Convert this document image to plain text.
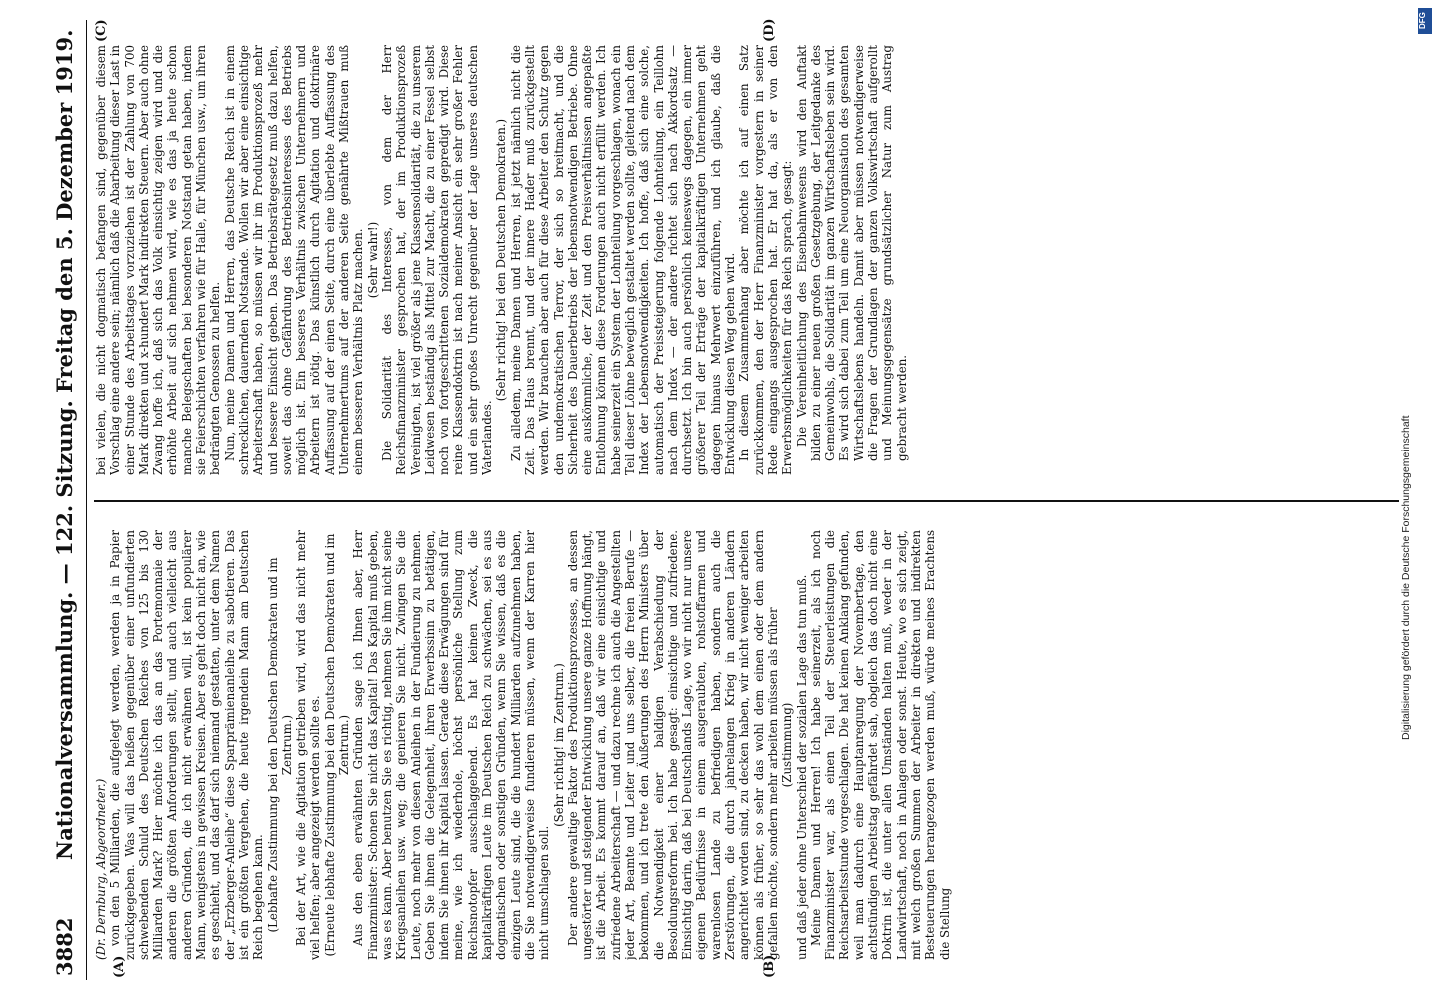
3882
Nationalversammlung. — 122. Sitzung. Freitag den 5. Dezember 1919.
(A)	(B)
(C)	(D)

(Dr. Dernburg, Abgeordneter.) von den 5 Milliarden, die aufgelegt werden, werden ja in Papier zurückgegeben. Was will das heißen gegenüber einer unfundierten schwebenden Schuld des Deutschen Reiches von 125 bis 130 Milliarden Mark? Hier möchte ich das an das Portemonnaie der anderen die größten Anforderungen stellt, und auch vielleicht aus anderen Gründen, die ich nicht erwähnen will, ist kein populärer Mann, wenigstens in gewissen Kreisen. Aber es geht doch nicht an, wie es geschieht, und das darf sich niemand gestatten, unter dem Namen der „Erzberger-Anleihe“ diese Sparprämienanleihe zu sabotieren. Das ist ein größten Vergehen, die heute irgendein Mann am Deutschen Reich begehen kann. (Lebhafte Zustimmung bei den Deutschen Demokraten und im Zentrum.) Bei der Art, wie die Agitation getrieben wird, wird das nicht mehr viel helfen; aber angezeigt werden sollte es. (Erneute lebhafte Zustimmung bei den Deutschen Demokraten und im Zentrum.) Aus den eben erwähnten Gründen sage ich Ihnen aber, Herr Finanzminister: Schonen Sie nicht das Kapital! Das Kapital muß geben, was es kann. Aber benutzen Sie es richtig, nehmen Sie ihm nicht seine Kriegsanleihen usw. weg; die genieren Sie nicht. Zwingen Sie die Leute, noch mehr von diesen Anleihen in der Fundierung zu nehmen. Geben Sie ihnen die Gelegenheit, ihren Erwerbssinn zu betätigen, indem Sie ihnen ihr Kapital lassen. Gerade diese Erwägungen sind für meine, wie ich wiederhole, höchst persönliche Stellung zum Reichsnotopfer ausschlaggebend. Es hat keinen Zweck, die kapitalkräftigen Leute im Deutschen Reich zu schwächen, sei es aus dogmatischen oder sonstigen Gründen, wenn Sie wissen, daß es die einzigen Leute sind, die die hundert Milliarden aufzunehmen haben, die Sie notwendigerweise fundieren müssen, wenn der Karren hier nicht umschlagen soll.

(Sehr richtig! im Zentrum.) Der andere gewaltige Faktor des Produktionsprozesses, an dessen ungestörter und steigender Entwicklung unsere ganze Hoffnung hängt, ist die Arbeit. Es kommt darauf an, daß wir eine einsichtige und zufriedene Arbeiterschaft — und dazu rechne ich auch die Angestellten jeder Art, Beamte und Leiter und uns selber, die freien Berufe — bekommen, und ich trete den Äußerungen des Herrn Ministers über die Notwendigkeit einer baldigen Verabschiedung der Besoldungsreform bei. Ich habe gesagt: einsichtige und zufriedene. Einsichtig darin, daß bei Deutschlands Lage, wo wir nicht nur unsere eigenen Bedürfnisse in einem ausgeraubten, rohstoffarmen und warenlosen Lande zu befriedigen haben, sondern auch die Zerstörungen, die durch jahrelangen Krieg in anderen Ländern angerichtet worden sind, zu decken haben, wir nicht weniger arbeiten können als früher, so sehr das wohl dem einen oder dem andern gefallen möchte, sondern mehr arbeiten müssen als früher (Zustimmung) und daß jeder ohne Unterschied der sozialen Lage das tun muß. Meine Damen und Herren! Ich habe seinerzeit, als ich noch Finanzminister war, als einen Teil der Steuerleistungen die Reichsarbeitsstunde vorgeschlagen. Die hat keinen Anklang gefunden, weil man dadurch eine Hauptanregung der Novembertage, den achtstündigen Arbeitstag gefährdet sah, obgleich das doch nicht eine Doktrin ist, die unter allen Umständen halten muß, weder in der Landwirtschaft, noch in Anlagen oder sonst. Heute, wo es sich zeigt, mit welch großen Summen der Arbeiter in direkten und indirekten Besteuerungen herangezogen werden muß, würde meines Erachtens die Stellung

bei vielen, die nicht dogmatisch befangen sind, gegenüber diesem Vorschlag eine andere sein; nämlich daß die Abarbeitung dieser Last in einer Stunde des Arbeitstages vorzuziehen ist der Zahlung von 700 Mark direkten und x-hundert Mark indirekten Steuern. Aber auch ohne Zwang hoffe ich, daß sich das Volk einsichtig zeigen wird und die erhöhte Arbeit auf sich nehmen wird, wie es das ja heute schon manche Belegschaften bei besonderen Notstand getan haben, indem sie Feierschichten verfahren wie für Halle, für München usw., um ihren bedrängten Genossen zu helfen. Nun, meine Damen und Herren, das Deutsche Reich ist in einem schrecklichen, dauernden Notstande. Wollen wir aber eine einsichtige Arbeiterschaft haben, so müssen wir ihr im Produktionsprozeß mehr und bessere Einsicht geben. Das Betriebsrätegesetz muß dazu helfen, soweit das ohne Gefährdung des Betriebsinteresses des Betriebs möglich ist. Ein besseres Verhältnis zwischen Unternehmern und Arbeitern ist nötig. Das künstlich durch Agitation und doktrinäre Auffassung auf der einen Seite, durch eine überlebte Auffassung des Unternehmertums auf der anderen Seite genährte Mißtrauen muß einem besseren Verhältnis Platz machen. (Sehr wahr!) Die Solidarität des Interesses, von dem der Herr Reichsfinanzminister gesprochen hat, der im Produktionsprozeß Vereinigten, ist viel größer als jene Klassensolidarität, die zu unserem Leidwesen beständig als Mittel zur Macht, die zu einer Fessel selbst noch von fortgeschrittenen Sozialdemokraten gepredigt wird. Diese reine Klassendoktrin ist nach meiner Ansicht ein sehr großer Fehler und ein sehr großes Unrecht gegenüber der Lage unseres deutschen Vaterlandes.

(Sehr richtig! bei den Deutschen Demokraten.) Zu alledem, meine Damen und Herren, ist jetzt nämlich nicht die Zeit. Das Haus brennt, und der innere Hader muß zurückgestellt werden. Wir brauchen aber auch für diese Arbeiter den Schutz gegen den undemokratischen Terror, der sich so breitmacht, und die Sicherheit des Dauerbetriebs der lebensnotwendigen Betriebe. Ohne eine auskömmliche, der Zeit und den Preisverhältnissen angepaßte Entlohnung können diese Forderungen auch nicht erfüllt werden. Ich habe seinerzeit ein System der Lohnteilung vorgeschlagen, wonach ein Teil dieser Löhne beweglich gestaltet werden sollte, gleitend nach dem Index der Lebensnotwendigkeiten. Ich hoffe, daß sich eine solche, automatisch der Preissteigerung folgende Lohnteilung, ein Teillohn nach dem Index — der andere richtet sich nach Akkordsatz — durchsetzt. Ich bin auch persönlich keineswegs dagegen, ein immer größerer Teil der Erträge der kapitalkräftigen Unternehmen geht dagegen hinaus Mehrwert einzuführen, und ich glaube, daß die Entwicklung diesen Weg gehen wird. In diesem Zusammenhang aber möchte ich auf einen Satz zurückkommen, den der Herr Finanzminister vorgestern in seiner Rede eingangs ausgesprochen hat. Er hat da, als er von den Erwerbsmöglichkeiten für das Reich sprach, gesagt: Die Vereinheitlichung des Eisenbahnwesens wird den Auftakt bilden zu einer neuen großen Gesetzgebung, der Leitgedanke des Gemeinwohls, die Solidarität im ganzen Wirtschaftsleben sein wird. Es wird sich dabei zum Teil um eine Neuorganisation des gesamten Wirtschaftslebens handeln. Damit aber müssen notwendigerweise die Fragen der Grundlagen der ganzen Volkswirtschaft aufgerollt und Meinungsgegensätze grundsätzlicher Natur zum Austrag gebracht werden.

Digitalisierung gefördert durch die Deutsche Forschungsgemeinschaft
DFG
